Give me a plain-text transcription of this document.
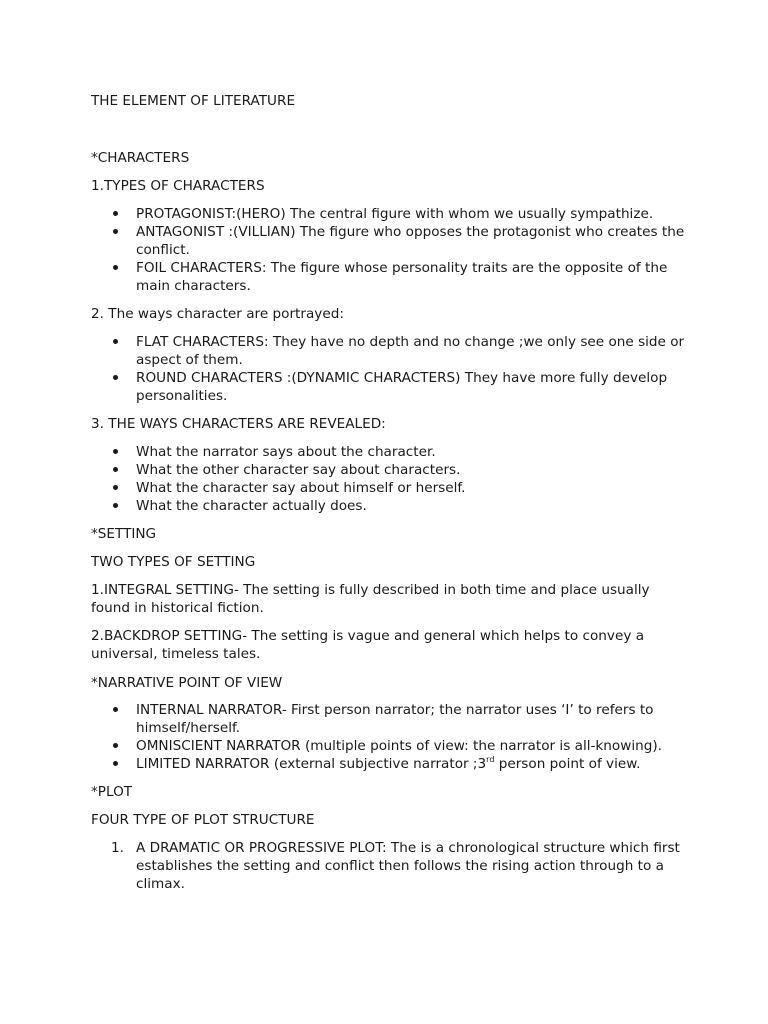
THE ELEMENT OF LITERATURE

*CHARACTERS

1.TYPES OF CHARACTERS

PROTAGONIST:(HERO) The central figure with whom we usually sympathize.
ANTAGONIST :(VILLIAN) The figure who opposes the protagonist who creates the conflict.
FOIL CHARACTERS: The figure whose personality traits are the opposite of the main characters.

2. The ways character are portrayed:

FLAT CHARACTERS: They have no depth and no change ;we only see one side or aspect of them.
ROUND CHARACTERS :(DYNAMIC CHARACTERS) They have more fully develop personalities.

3. THE WAYS CHARACTERS ARE REVEALED:

What the narrator says about the character.
What the other character say about characters.
What the character say about himself or herself.
What the character actually does.

*SETTING

TWO TYPES OF SETTING

1.INTEGRAL SETTING- The setting is fully described in both time and place usually found in historical fiction.

2.BACKDROP SETTING- The setting is vague and general which helps to convey a universal, timeless tales.

*NARRATIVE POINT OF VIEW

INTERNAL NARRATOR- First person narrator; the narrator uses ‘I’ to refers to himself/herself.
OMNISCIENT NARRATOR (multiple points of view: the narrator is all-knowing).
LIMITED NARRATOR (external subjective narrator ;3rd person point of view.

*PLOT

FOUR TYPE OF PLOT STRUCTURE

1. A DRAMATIC OR PROGRESSIVE PLOT: The is a chronological structure which first establishes the setting and conflict then follows the rising action through to a climax.
